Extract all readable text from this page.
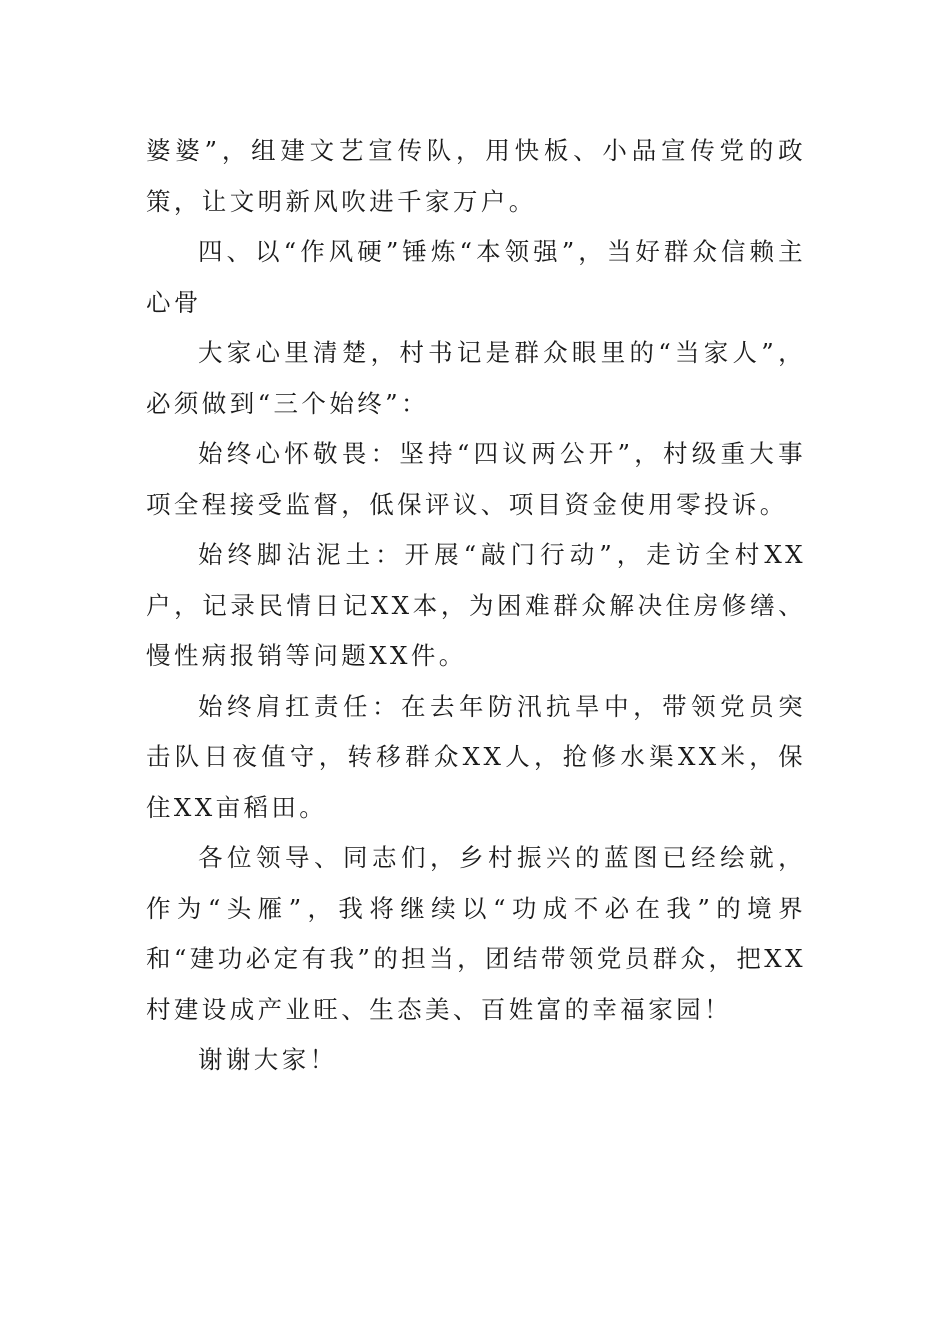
婆婆”，组建文艺宣传队，用快板、小品宣传党的政策，让文明新风吹进千家万户。

四、以“作风硬”锤炼“本领强”，当好群众信赖主心骨

大家心里清楚，村书记是群众眼里的“当家人”，必须做到“三个始终”：

始终心怀敬畏：坚持“四议两公开”，村级重大事项全程接受监督，低保评议、项目资金使用零投诉。

始终脚沾泥土：开展“敲门行动”，走访全村XX户，记录民情日记XX本，为困难群众解决住房修缮、慢性病报销等问题XX件。

始终肩扛责任：在去年防汛抗旱中，带领党员突击队日夜值守，转移群众XX人，抢修水渠XX米，保住XX亩稻田。

各位领导、同志们，乡村振兴的蓝图已经绘就，作为“头雁”，我将继续以“功成不必在我”的境界和“建功必定有我”的担当，团结带领党员群众，把XX村建设成产业旺、生态美、百姓富的幸福家园！

谢谢大家！
